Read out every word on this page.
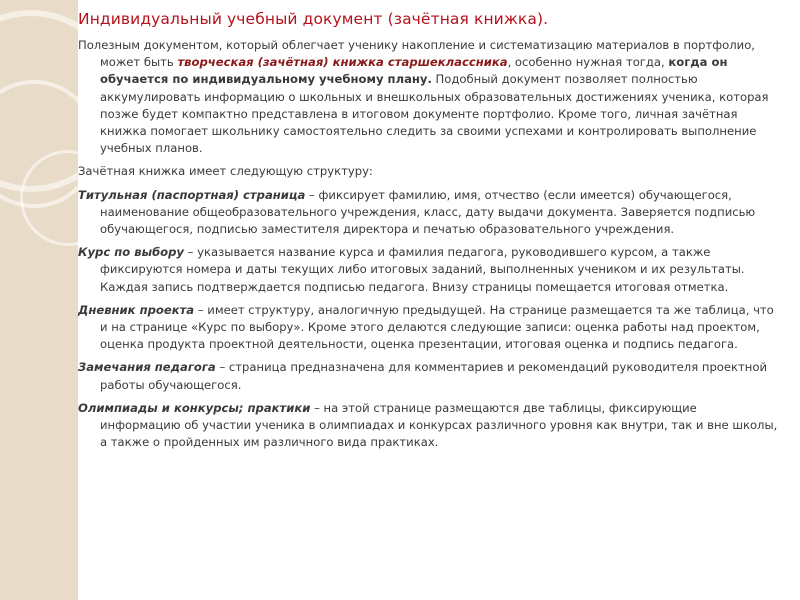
Индивидуальный учебный документ (зачётная книжка).

Полезным документом, который облегчает ученику накопление и систематизацию материалов в портфолио, может быть творческая (зачётная) книжка старшеклассника, особенно нужная тогда, когда он обучается по индивидуальному учебному плану. Подобный документ позволяет полностью аккумулировать информацию о школьных и внешкольных образовательных достижениях ученика, которая позже будет компактно представлена в итоговом документе портфолио. Кроме того, личная зачётная книжка помогает школьнику самостоятельно следить за своими успехами и контролировать выполнение учебных планов.

Зачётная книжка имеет следующую структуру:

Титульная (паспортная) страница – фиксирует фамилию, имя, отчество (если имеется) обучающегося, наименование общеобразовательного учреждения, класс, дату выдачи документа. Заверяется подписью обучающегося, подписью заместителя директора и печатью образовательного учреждения.

Курс по выбору – указывается название курса и фамилия педагога, руководившего курсом, а также фиксируются номера и даты текущих либо итоговых заданий, выполненных учеником и их результаты. Каждая запись подтверждается подписью педагога. Внизу страницы помещается итоговая отметка.

Дневник проекта – имеет структуру, аналогичную предыдущей. На странице размещается та же таблица, что и на странице «Курс по выбору». Кроме этого делаются следующие записи: оценка работы над проектом, оценка продукта проектной деятельности, оценка презентации, итоговая оценка и подпись педагога.

Замечания педагога – страница предназначена для комментариев и рекомендаций руководителя проектной работы обучающегося.

Олимпиады и конкурсы; практики – на этой странице размещаются две таблицы, фиксирующие информацию об участии ученика в олимпиадах и конкурсах различного уровня как внутри, так и вне школы, а также о пройденных им различного вида практиках.
